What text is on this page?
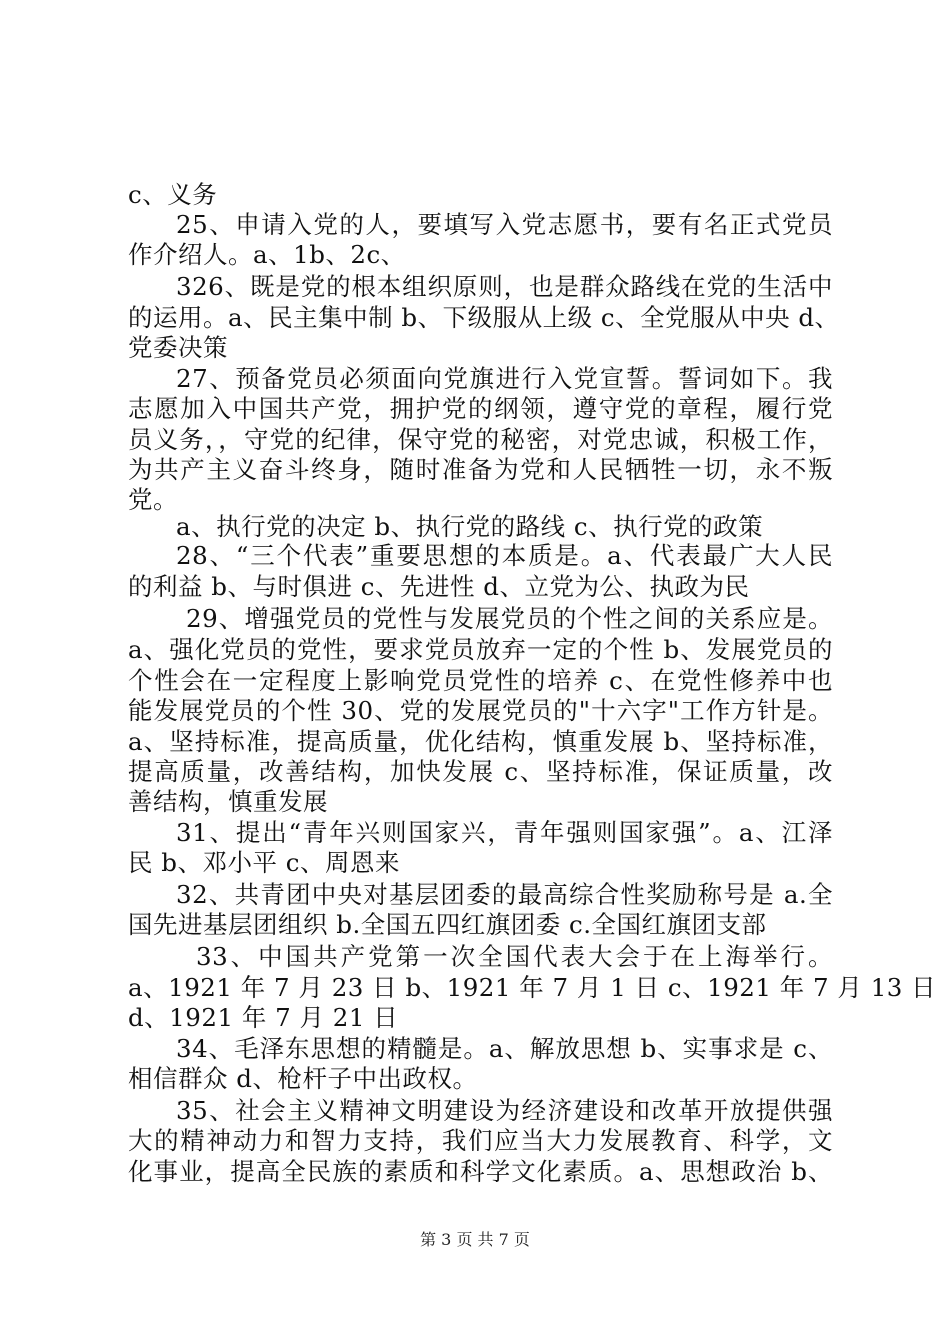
c、义务
25、申请入党的人，要填写入党志愿书，要有名正式党员
作介绍人。a、1b、2c、
326、既是党的根本组织原则，也是群众路线在党的生活中
的运用。a、民主集中制 b、下级服从上级 c、全党服从中央 d、
党委决策
27、预备党员必须面向党旗进行入党宣誓。誓词如下。我
志愿加入中国共产党，拥护党的纲领，遵守党的章程，履行党
员义务，，守党的纪律，保守党的秘密，对党忠诚，积极工作，
为共产主义奋斗终身，随时准备为党和人民牺牲一切，永不叛
党。
a、执行党的决定 b、执行党的路线 c、执行党的政策
28、“三个代表”重要思想的本质是。a、代表最广大人民
的利益 b、与时俱进 c、先进性 d、立党为公、执政为民
29、增强党员的党性与发展党员的个性之间的关系应是。
a、强化党员的党性，要求党员放弃一定的个性 b、发展党员的
个性会在一定程度上影响党员党性的培养 c、在党性修养中也
能发展党员的个性 30、党的发展党员的"十六字"工作方针是。
a、坚持标准，提高质量，优化结构，慎重发展 b、坚持标准，
提高质量，改善结构，加快发展 c、坚持标准，保证质量，改
善结构，慎重发展
31、提出“青年兴则国家兴，青年强则国家强”。a、江泽
民 b、邓小平 c、周恩来
32、共青团中央对基层团委的最高综合性奖励称号是 a.全
国先进基层团组织 b.全国五四红旗团委 c.全国红旗团支部
33、中国共产党第一次全国代表大会于在上海举行。
a、1921 年 7 月 23 日 b、1921 年 7 月 1 日 c、1921 年 7 月 13 日
d、1921 年 7 月 21 日
34、毛泽东思想的精髓是。a、解放思想 b、实事求是 c、
相信群众 d、枪杆子中出政权。
35、社会主义精神文明建设为经济建设和改革开放提供强
大的精神动力和智力支持，我们应当大力发展教育、科学，文
化事业，提高全民族的素质和科学文化素质。a、思想政治 b、
第 3 页 共 7 页
